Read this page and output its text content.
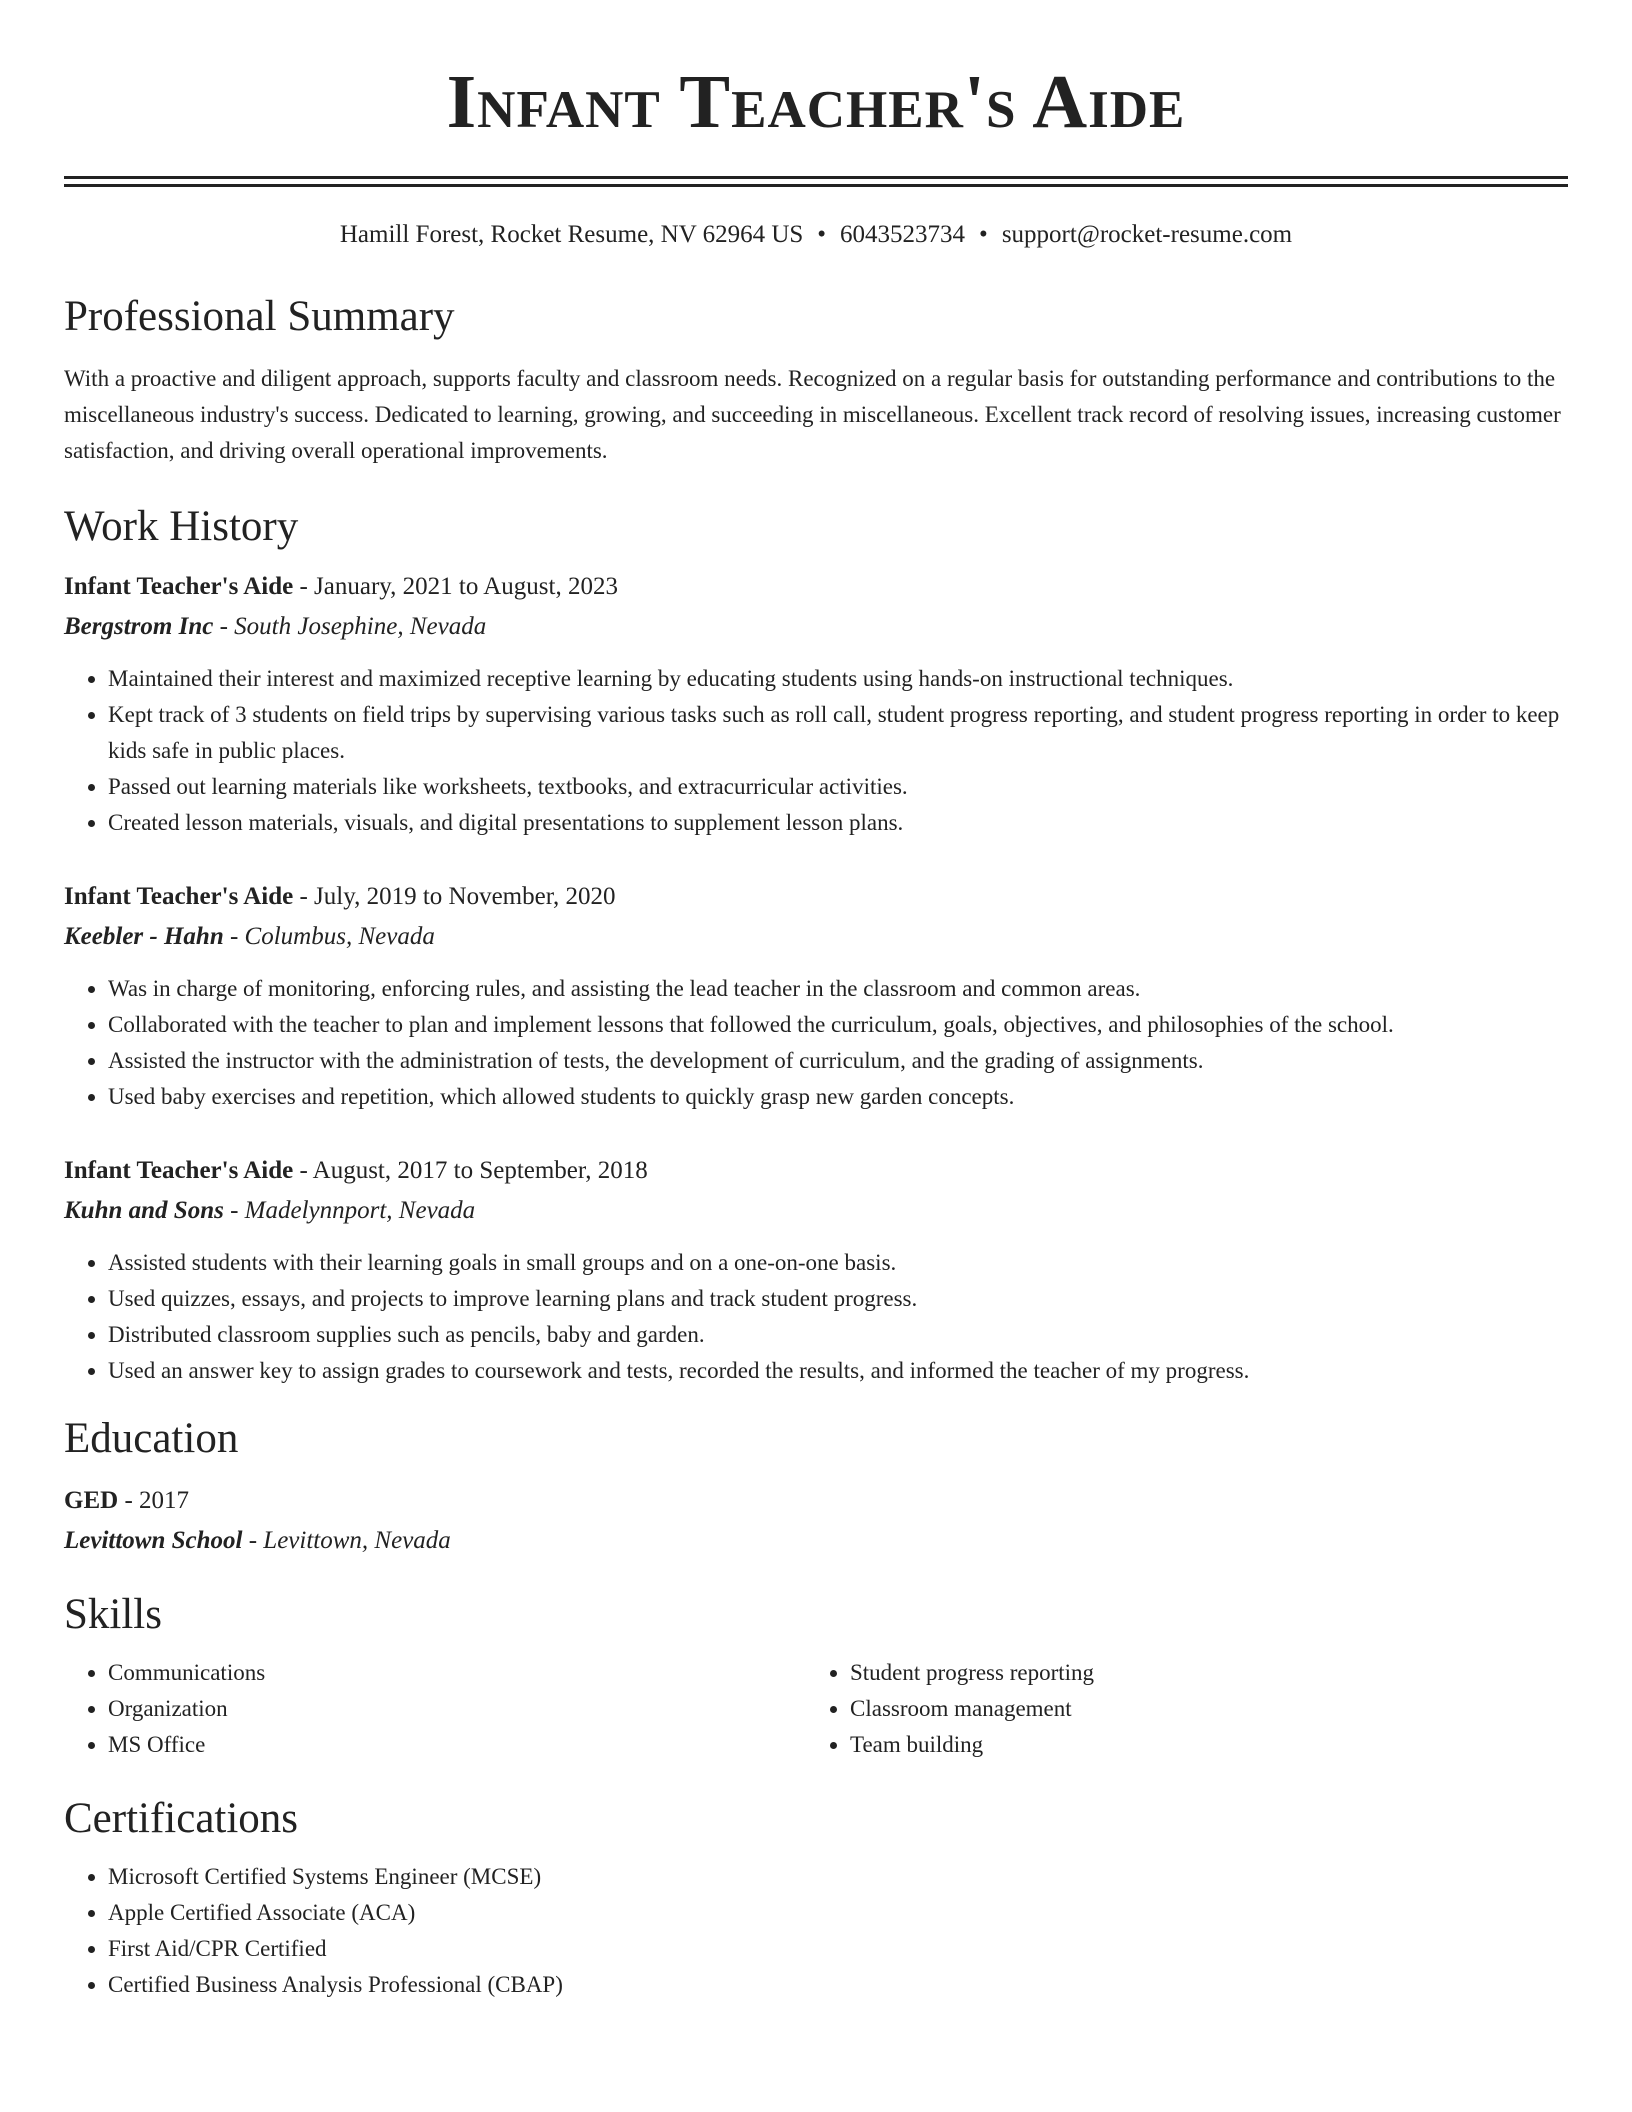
Infant Teacher's Aide
Hamill Forest, Rocket Resume, NV 62964 US • 6043523734 • support@rocket-resume.com
Professional Summary
With a proactive and diligent approach, supports faculty and classroom needs. Recognized on a regular basis for outstanding performance and contributions to the miscellaneous industry's success. Dedicated to learning, growing, and succeeding in miscellaneous. Excellent track record of resolving issues, increasing customer satisfaction, and driving overall operational improvements.
Work History
Infant Teacher's Aide - January, 2021 to August, 2023
Bergstrom Inc - South Josephine, Nevada
• Maintained their interest and maximized receptive learning by educating students using hands-on instructional techniques.
• Kept track of 3 students on field trips by supervising various tasks such as roll call, student progress reporting, and student progress reporting in order to keep kids safe in public places.
• Passed out learning materials like worksheets, textbooks, and extracurricular activities.
• Created lesson materials, visuals, and digital presentations to supplement lesson plans.
Infant Teacher's Aide - July, 2019 to November, 2020
Keebler - Hahn - Columbus, Nevada
• Was in charge of monitoring, enforcing rules, and assisting the lead teacher in the classroom and common areas.
• Collaborated with the teacher to plan and implement lessons that followed the curriculum, goals, objectives, and philosophies of the school.
• Assisted the instructor with the administration of tests, the development of curriculum, and the grading of assignments.
• Used baby exercises and repetition, which allowed students to quickly grasp new garden concepts.
Infant Teacher's Aide - August, 2017 to September, 2018
Kuhn and Sons - Madelynnport, Nevada
• Assisted students with their learning goals in small groups and on a one-on-one basis.
• Used quizzes, essays, and projects to improve learning plans and track student progress.
• Distributed classroom supplies such as pencils, baby and garden.
• Used an answer key to assign grades to coursework and tests, recorded the results, and informed the teacher of my progress.
Education
GED - 2017
Levittown School - Levittown, Nevada
Skills
• Communications
• Organization
• MS Office
• Student progress reporting
• Classroom management
• Team building
Certifications
• Microsoft Certified Systems Engineer (MCSE)
• Apple Certified Associate (ACA)
• First Aid/CPR Certified
• Certified Business Analysis Professional (CBAP)
